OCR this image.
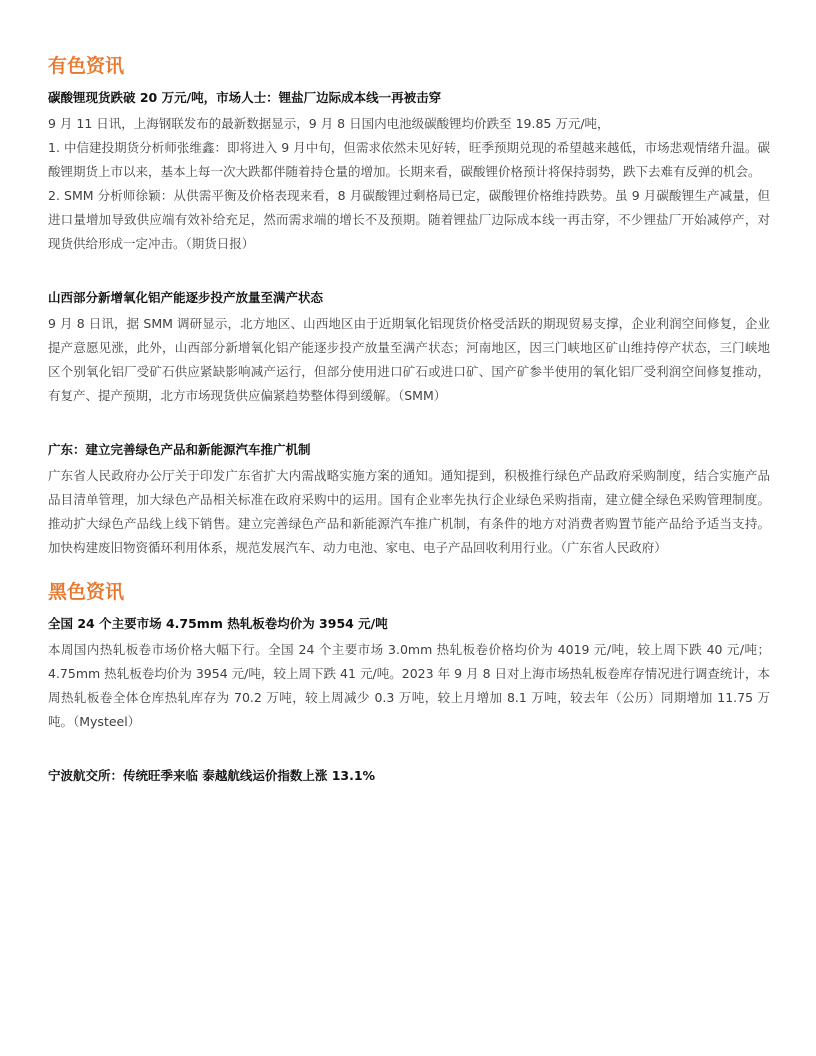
有色资讯
碳酸锂现货跌破 20 万元/吨，市场人士：锂盐厂边际成本线一再被击穿

9 月 11 日讯，上海钢联发布的最新数据显示，9 月 8 日国内电池级碳酸锂均价跌至 19.85 万元/吨，

1. 中信建投期货分析师张维鑫：即将进入 9 月中旬，但需求依然未见好转，旺季预期兑现的希望越来越低，市场悲观情绪升温。碳酸锂期货上市以来，基本上每一次大跌都伴随着持仓量的增加。长期来看，碳酸锂价格预计将保持弱势，跌下去难有反弹的机会。

2. SMM 分析师徐颖：从供需平衡及价格表现来看，8 月碳酸锂过剩格局已定，碳酸锂价格维持跌势。虽 9 月碳酸锂生产减量，但进口量增加导致供应端有效补给充足，然而需求端的增长不及预期。随着锂盐厂边际成本线一再击穿，不少锂盐厂开始减停产，对现货供给形成一定冲击。（期货日报）

山西部分新增氧化铝产能逐步投产放量至满产状态

9 月 8 日讯，据 SMM 调研显示，北方地区、山西地区由于近期氧化铝现货价格受活跃的期现贸易支撑，企业利润空间修复，企业提产意愿见涨，此外，山西部分新增氧化铝产能逐步投产放量至满产状态；河南地区，因三门峡地区矿山维持停产状态，三门峡地区个别氧化铝厂受矿石供应紧缺影响减产运行，但部分使用进口矿石或进口矿、国产矿参半使用的氧化铝厂受利润空间修复推动，有复产、提产预期，北方市场现货供应偏紧趋势整体得到缓解。（SMM）

广东：建立完善绿色产品和新能源汽车推广机制

广东省人民政府办公厅关于印发广东省扩大内需战略实施方案的通知。通知提到，积极推行绿色产品政府采购制度，结合实施产品品目清单管理，加大绿色产品相关标准在政府采购中的运用。国有企业率先执行企业绿色采购指南，建立健全绿色采购管理制度。推动扩大绿色产品线上线下销售。建立完善绿色产品和新能源汽车推广机制，有条件的地方对消费者购置节能产品给予适当支持。加快构建废旧物资循环利用体系，规范发展汽车、动力电池、家电、电子产品回收利用行业。（广东省人民政府）

黑色资讯
全国 24 个主要市场 4.75mm 热轧板卷均价为 3954 元/吨

本周国内热轧板卷市场价格大幅下行。全国 24 个主要市场 3.0mm 热轧板卷价格均价为 4019 元/吨，较上周下跌 40 元/吨；4.75mm 热轧板卷均价为 3954 元/吨，较上周下跌 41 元/吨。2023 年 9 月 8 日对上海市场热轧板卷库存情况进行调查统计，本周热轧板卷全体仓库热轧库存为 70.2 万吨，较上周减少 0.3 万吨，较上月增加 8.1 万吨，较去年（公历）同期增加 11.75 万吨。（Mysteel）

宁波航交所：传统旺季来临 泰越航线运价指数上涨 13.1%
